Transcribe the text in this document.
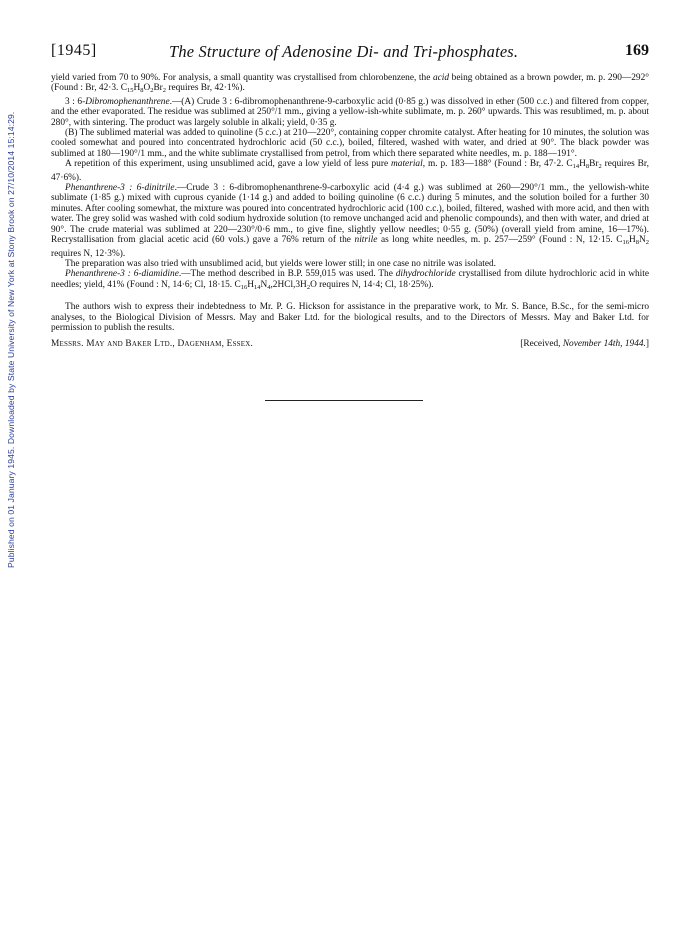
Published on 01 January 1945. Downloaded by State University of New York at Stony Brook on 27/10/2014 15:14:29.
[1945]	The Structure of Adenosine Di- and Tri-phosphates.	169

yield varied from 70 to 90%. For analysis, a small quantity was crystallised from chlorobenzene, the acid being obtained as a brown powder, m. p. 290—292° (Found : Br, 42·3. $C_{15}H_8O_2Br_2$ requires Br, 42·1%).

3 : 6-Dibromophenanthrene.—(A) Crude 3 : 6-dibromophenanthrene-9-carboxylic acid (0·85 g.) was dissolved in ether (500 c.c.) and filtered from copper, and the ether evaporated. The residue was sublimed at 250°/1 mm., giving a yellow-ish-white sublimate, m. p. 260° upwards. This was resublimed, m. p. about 280°, with sintering. The product was largely soluble in alkali; yield, 0·35 g.

(B) The sublimed material was added to quinoline (5 c.c.) at 210—220°, containing copper chromite catalyst. After heating for 10 minutes, the solution was cooled somewhat and poured into concentrated hydrochloric acid (50 c.c.), boiled, filtered, washed with water, and dried at 90°. The black powder was sublimed at 180—190°/1 mm., and the white sublimate crystallised from petrol, from which there separated white needles, m. p. 188—191°.

A repetition of this experiment, using unsublimed acid, gave a low yield of less pure material, m. p. 183—188° (Found : Br, 47·2. $C_{14}H_8Br_2$ requires Br, 47·6%).

Phenanthrene-3 : 6-dinitrile.—Crude 3 : 6-dibromophenanthrene-9-carboxylic acid (4·4 g.) was sublimed at 260—290°/1 mm., the yellowish-white sublimate (1·85 g.) mixed with cuprous cyanide (1·14 g.) and added to boiling quinoline (6 c.c.) during 5 minutes, and the solution boiled for a further 30 minutes. After cooling somewhat, the mixture was poured into concentrated hydrochloric acid (100 c.c.), boiled, filtered, washed with more acid, and then with water. The grey solid was washed with cold sodium hydroxide solution (to remove unchanged acid and phenolic compounds), and then with water, and dried at 90°. The crude material was sublimed at 220—230°/0·6 mm., to give fine, slightly yellow needles; 0·55 g. (50%) (overall yield from amine, 16—17%). Recrystallisation from glacial acetic acid (60 vols.) gave a 76% return of the nitrile as long white needles, m. p. 257—259° (Found : N, 12·15. $C_{16}H_8N_2$ requires N, 12·3%).

The preparation was also tried with unsublimed acid, but yields were lower still; in one case no nitrile was isolated.

Phenanthrene-3 : 6-diamidine.—The method described in B.P. 559,015 was used. The dihydrochloride crystallised from dilute hydrochloric acid in white needles; yield, 41% (Found : N, 14·6; Cl, 18·15. $C_{16}H_{14}N_4,2HCl,3H_2O$ requires N, 14·4; Cl, 18·25%).

The authors wish to express their indebtedness to Mr. P. G. Hickson for assistance in the preparative work, to Mr. S. Bance, B.Sc., for the semi-micro analyses, to the Biological Division of Messrs. May and Baker Ltd. for the biological results, and to the Directors of Messrs. May and Baker Ltd. for permission to publish the results.

Messrs. May and Baker Ltd., Dagenham, Essex.	[Received, November 14th, 1944.]
